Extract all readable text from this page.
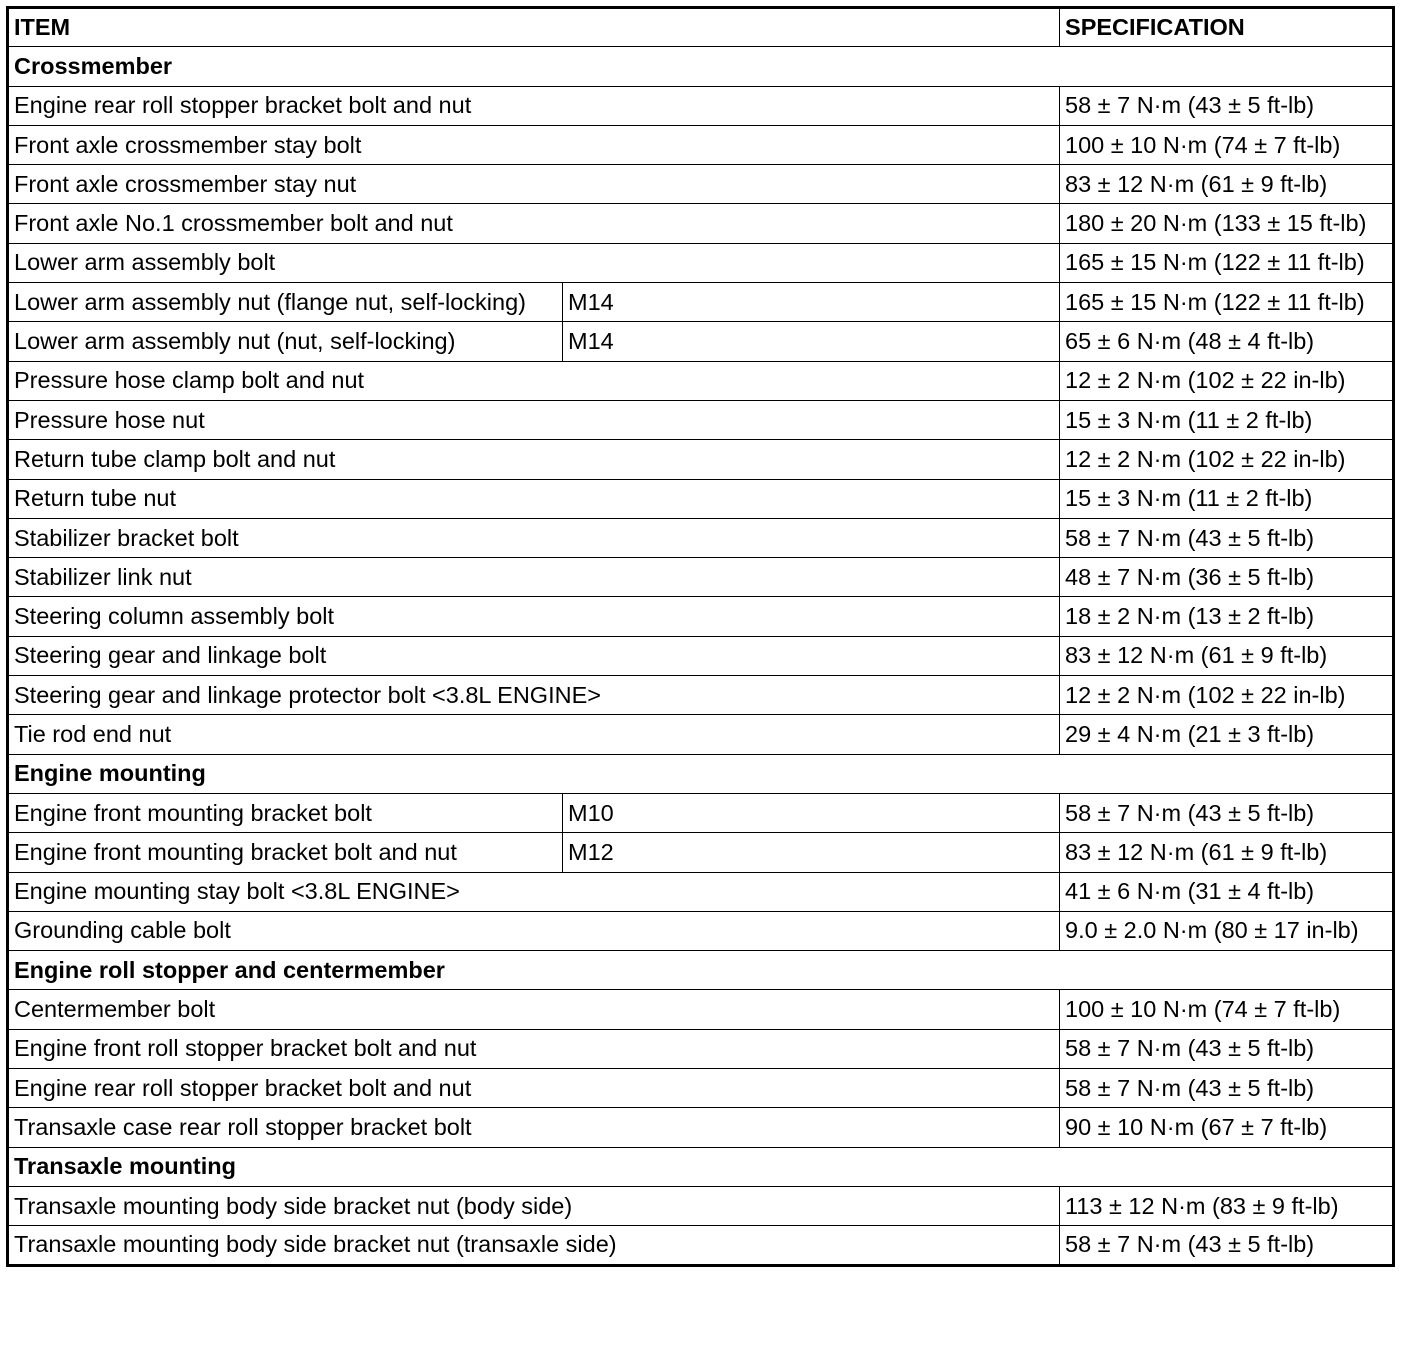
ITEM		SPECIFICATION
Crossmember		
Engine rear roll stopper bracket bolt and nut		58 ± 7 N·m (43 ± 5 ft-lb)
Front axle crossmember stay bolt		100 ± 10 N·m (74 ± 7 ft-lb)
Front axle crossmember stay nut		83 ± 12 N·m (61 ± 9 ft-lb)
Front axle No.1 crossmember bolt and nut		180 ± 20 N·m (133 ± 15 ft-lb)
Lower arm assembly bolt		165 ± 15 N·m (122 ± 11 ft-lb)
Lower arm assembly nut (flange nut, self-locking)	M14	165 ± 15 N·m (122 ± 11 ft-lb)
Lower arm assembly nut (nut, self-locking)	M14	65 ± 6 N·m (48 ± 4 ft-lb)
Pressure hose clamp bolt and nut		12 ± 2 N·m (102 ± 22 in-lb)
Pressure hose nut		15 ± 3 N·m (11 ± 2 ft-lb)
Return tube clamp bolt and nut		12 ± 2 N·m (102 ± 22 in-lb)
Return tube nut		15 ± 3 N·m (11 ± 2 ft-lb)
Stabilizer bracket bolt		58 ± 7 N·m (43 ± 5 ft-lb)
Stabilizer link nut		48 ± 7 N·m (36 ± 5 ft-lb)
Steering column assembly bolt		18 ± 2 N·m (13 ± 2 ft-lb)
Steering gear and linkage bolt		83 ± 12 N·m (61 ± 9 ft-lb)
Steering gear and linkage protector bolt <3.8L ENGINE>		12 ± 2 N·m (102 ± 22 in-lb)
Tie rod end nut		29 ± 4 N·m (21 ± 3 ft-lb)
Engine mounting		
Engine front mounting bracket bolt	M10	58 ± 7 N·m (43 ± 5 ft-lb)
Engine front mounting bracket bolt and nut	M12	83 ± 12 N·m (61 ± 9 ft-lb)
Engine mounting stay bolt <3.8L ENGINE>		41 ± 6 N·m (31 ± 4 ft-lb)
Grounding cable bolt		9.0 ± 2.0 N·m (80 ± 17 in-lb)
Engine roll stopper and centermember		
Centermember bolt		100 ± 10 N·m (74 ± 7 ft-lb)
Engine front roll stopper bracket bolt and nut		58 ± 7 N·m (43 ± 5 ft-lb)
Engine rear roll stopper bracket bolt and nut		58 ± 7 N·m (43 ± 5 ft-lb)
Transaxle case rear roll stopper bracket bolt		90 ± 10 N·m (67 ± 7 ft-lb)
Transaxle mounting		
Transaxle mounting body side bracket nut (body side)		113 ± 12 N·m (83 ± 9 ft-lb)
Transaxle mounting body side bracket nut (transaxle side)		58 ± 7 N·m (43 ± 5 ft-lb)
